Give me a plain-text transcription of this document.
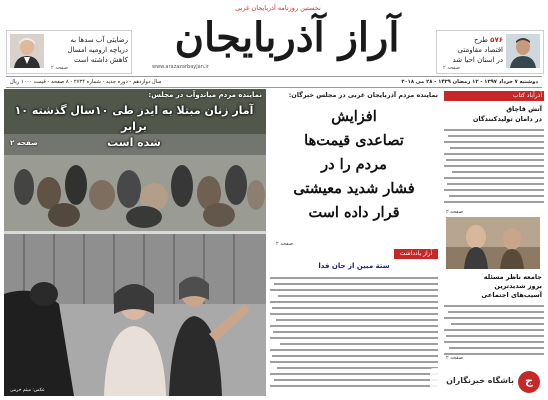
رضایتی آب سدها به
دریاچه ارومیه امسال
کاهش داشته است
صفحه ۲
نخستین روزنامه آذربایجان غربی
آراز آذربایجان
www.arazazarbayjan.ir
۵۷۶ طرح
اقتصاد مقاومتی
در استان احیا شد
صفحه ۲
دوشنبه ۷ خرداد ۱۳۹۷ - ۱۲ رمضان ۱۴۳۹ - ۲۸ می ۲۰۱۸
سال دوازدهم - دوره جدید - شماره ۲۷۳۴ - ۸ صفحه - قیمت ۱۰۰۰ ریال
نماینده مردم میاندوآب در مجلس:
آمار زنان مبتلا به ایدز طی ۱۰سال گذشته ۱۰ برابر
شده است
صفحه ۲
عکس: میثم خرمی
نماینده مردم آذربایجان غربی در مجلس خبرگان:
افزایش
تصاعدی قیمت‌ها
مردم را در
فشار شدید معیشتی
قرار داده است
صفحه ۲
آراز یادداشت
ستة مبین از جان فدا
آذرآباد کتاب
آتش قاچاق
در دامان تولیدکنندگان
صفحه ۲
جامعه ناظر مسئله
بروز شدیدترین
آسیب‌های اجتماعی
صفحه ۲
باشگاه خبرنگاران	ج
